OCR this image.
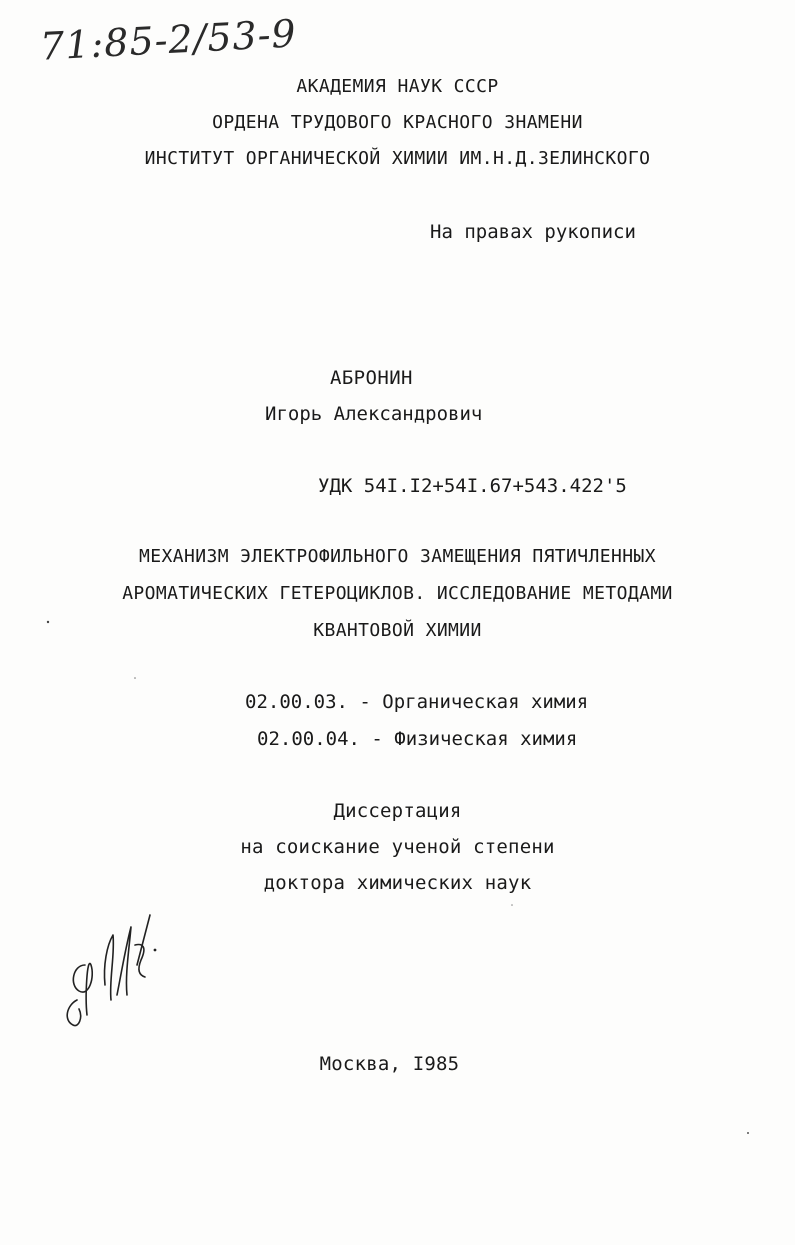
71:85-2/53-9
АКАДЕМИЯ НАУК СССР
ОРДЕНА ТРУДОВОГО КРАСНОГО ЗНАМЕНИ
ИНСТИТУТ ОРГАНИЧЕСКОЙ ХИМИИ ИМ.Н.Д.ЗЕЛИНСКОГО
На правах рукописи
АБРОНИН
Игорь Александрович
УДК 54I.I2+54I.67+543.422'5
МЕХАНИЗМ ЭЛЕКТРОФИЛЬНОГО ЗАМЕЩЕНИЯ ПЯТИЧЛЕННЫХ
АРОМАТИЧЕСКИХ ГЕТЕРОЦИКЛОВ. ИССЛЕДОВАНИЕ МЕТОДАМИ
КВАНТОВОЙ ХИМИИ
02.00.03. - Органическая химия
02.00.04. - Физическая химия
Диссертация
на соискание ученой степени
доктора химических наук
Москва, I985
